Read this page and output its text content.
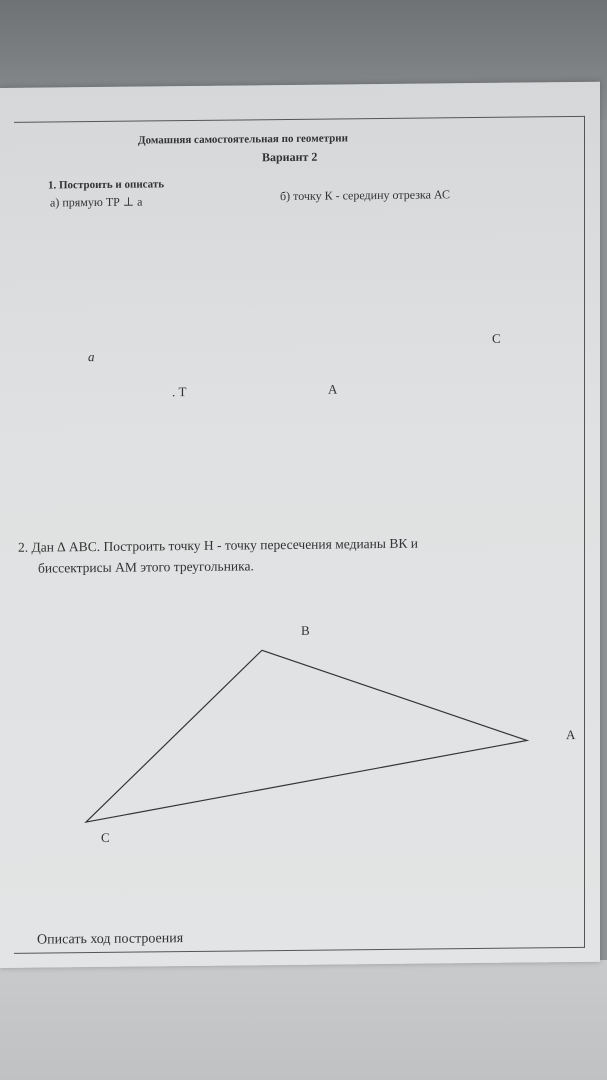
Домашняя самостоятельная по геометрии
Вариант 2
1. Построить и описать
а) прямую ТР ⊥ a	б) точку К - середину отрезка АС
a
. Т
С
А
2. Дан ∆ АВС. Построить точку Н - точку пересечения медианы ВК и
биссектрисы АМ этого треугольника.
В
А
С
Описать ход построения
